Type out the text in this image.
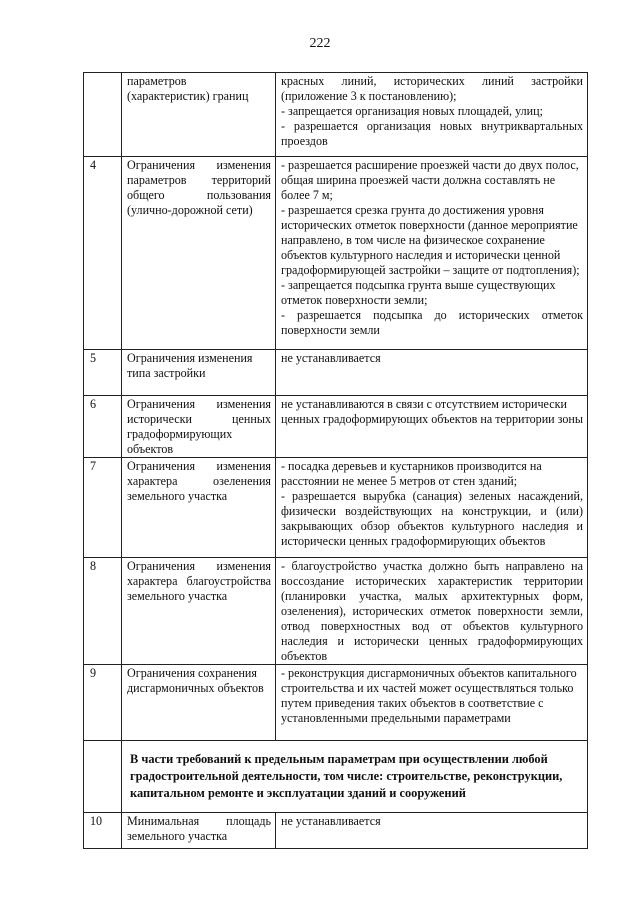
222
	параметров (характеристик) границ	красных линий, исторических линий застройки (приложение 3 к постановлению);
- запрещается организация новых площадей, улиц;
- разрешается организация новых внутриквартальных проездов

4	Ограничения изменения параметров территорий общего пользования (улично-дорожной сети)	- разрешается расширение проезжей части до двух полос, общая ширина проезжей части должна составлять не более 7 м;
- разрешается срезка грунта до достижения уровня исторических отметок поверхности (данное мероприятие направлено, в том числе на физическое сохранение объектов культурного наследия и исторически ценной градоформирующей застройки – защите от подтопления);
- запрещается подсыпка грунта выше существующих отметок поверхности земли;
- разрешается подсыпка до исторических отметок поверхности земли

5	Ограничения изменения типа застройки	не устанавливается

6	Ограничения изменения исторически ценных градоформирующих объектов	не устанавливаются в связи с отсутствием исторически ценных градоформирующих объектов на территории зоны

7	Ограничения изменения характера озеленения земельного участка	- посадка деревьев и кустарников производится на расстоянии не менее 5 метров от стен зданий;
- разрешается вырубка (санация) зеленых насаждений, физически воздействующих на конструкции, и (или) закрывающих обзор объектов культурного наследия и исторически ценных градоформирующих объектов

8	Ограничения изменения характера благоустройства земельного участка	- благоустройство участка должно быть направлено на воссоздание исторических характеристик территории (планировки участка, малых архитектурных форм, озеленения), исторических отметок поверхности земли, отвод поверхностных вод от объектов культурного наследия и исторически ценных градоформирующих объектов

9	Ограничения сохранения дисгармоничных объектов	- реконструкция дисгармоничных объектов капитального строительства и их частей может осуществляться только путем приведения таких объектов в соответствие с установленными предельными параметрами

	В части требований к предельным параметрам при осуществлении любой градостроительной деятельности, том числе: строительстве, реконструкции, капитальном ремонте и эксплуатации зданий и сооружений	
10	Минимальная площадь земельного участка	не устанавливается
